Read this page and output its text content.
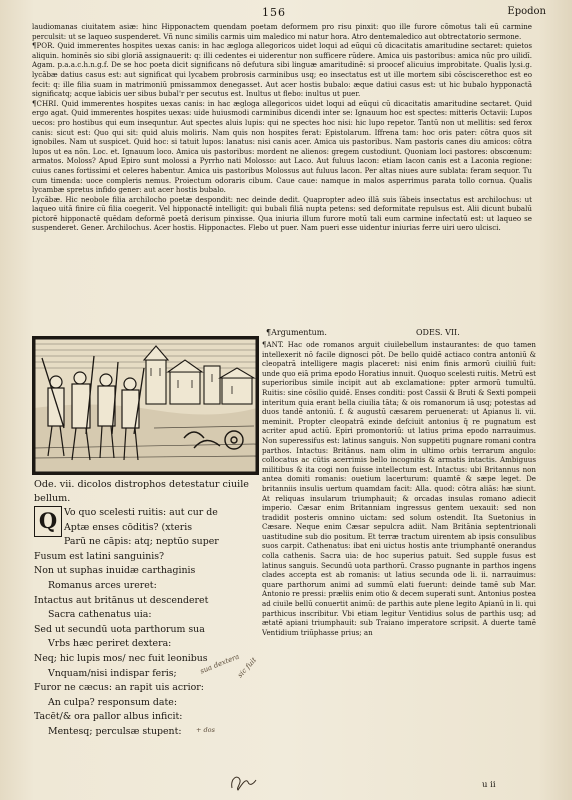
156	Epodon

laudiomanas ciuitatem asiæ: hinc Hipponactem quendam poetam deformem pro risu pinxit: quo ille furore cōmotus tali eū carmine perculsit: ut se laqueo suspenderet. Vñ nunc similis carmis uim maledico mi natur hora. Atro dentemaledico aut obtrectatorio sermone.

¶POR. Quid immerentes hospites uexas canis: in hac ægloga allegoricos uidet loqui ad eūqui cū dicacitatis amaritudine sectaret: quietos aliquin. hominēs sio sibi gloriā assignauerit: q: illi cedentes ei uiderentur non sufficere rūdere. Amica uis pastoribus: amica nūc pro uilidī. Agam. p.a.a.c.h.n.g.f. De se hoc poeta dicit significans nō defutura sibi linguæ amaritudinē: si proocef alicuius improbitate. Qualis ly.si.g. lycābæ datius casus est: aut significat qui lycabem probrosis carminibus usq; eo insectatus est ut ille mortem sibi cōsciscerethoc est eo fecit: q: ille filia suam in matrimoniū pmissammox denegasset. Aut acer hostis bubalo: æque datiui casus est: ut hic bubalo hypponactā significatq; acque ïabicis uer sibus bubal'r per secutus est. Inultus ut flebo: inultus ut puer.

¶CHRI. Quid immerentes hospites uexas canis: in hac ægloga allegoricos uidet loqui ad eūqui cū dicacitatis amaritudine sectaret. Quid ergo agat. Quid immerentes hospites uexas: uide huiusmodi carminibus dicendi inter se: Ignauum hoc est spectes: mitteris Octavii: Lupos uecos: pro hostibus qui eum insequntur. Aut spectes aluis lupis: qui ne spectes hoc nisi: hic lupo repetor. Tantū non ut mellitis: sed ferox canis: sicut est: Quo qui sit: quid aluis moliris. Nam quis non hospites ferat: Epistolarum. Iffrena tam: hoc oris pater: cōtra quos sit ignobiles. Nam ut suspicet. Quid hoc: si tatuit lupos: lanatus: nisi canis acer. Amica uis pastoribus. Nam pastoris canes diu amicos: cōtra lupos ut ea nōn. Loc. et. Ignauum loco. Amica uis pastoribus: mordent ne alienos: gregem custodiunt. Quoniam loci pastores: obscœnum: armatos. Moloss? Apud Epiro sunt molossi a Pyrrho nati Molosso: aut Laco. Aut fuluus lacon: etiam lacon canis est a Laconia regione: cuius canes fortissimi et celeres habentur. Amica uis pastoribus Molossus aut fuluus lacon. Per altas niues aure sublata: feram sequor. Tu cum timenda: uoce compleris nemus. Proiectum odoraris cibum. Caue caue: namque in malos asperrimus parata tollo cornua. Qualis lycambæ spretus infido gener: aut acer hostis bubalo.

Lycābæ. Hic neobole filia archilocho poetæ despondit: nec deinde dedit. Quapropter adeo illā suis ïābeis insectatus est archilochus: ut laqueo uitā finire cū filia coegerit. Vel hipponactē intelligit: qui bubali filiā nupta petens: sed deformitate repulsus est. Alii dicunt bubalū pictorē hipponactē quēdam deformē poetā derisum pinxisse. Qua iniuria illum furore motū tali eum carmine infectatū est: ut laqueo se suspenderet. Gener. Archilochus. Acer hostis. Hipponactes. Flebo ut puer. Nam pueri esse uidentur iniurias ferre uiri uero ulcisci.

Ode. vii. dicolos distrophos detestatur ciuile bellum.
Q Vo quo scelesti ruitis: aut cur de
Aptæ enses cōditis? (xteris
Parū ne cāpis: atq; neptūo super
Fusum est latini sanguinis?
Non ut suphas inuidæ carthaginis
Romanus arces ureret:
Intactus aut britānus ut descenderet
Sacra cathenatus uia:
Sed ut secundū uota parthorum sua
Vrbs hæc periret dextera:
Neq; hic lupis mos/ nec fuit leonibus
Vnquam/nisi indispar feris;
Furor ne cæcus: an rapit uis acrior:
An culpa? responsum date:
Tacēt/& ora pallor albus inficit:
Mentesq; perculsæ stupent:
¶Argumentum.	ODES. VII.

¶ANT. Hac ode romanos arguit ciuilebellum instaurantes: de quo tamen intellexerit nō facile dignosci pōt. De bello quidē actiaco contra antoniū & cleopatrā intelligere magis placeret: nisi enim finis armorū ciuiliū fuit: unde quo eiā prima epodo Horatius innuit. Quoquo scelesti ruitis. Metrū est superioribus simile incipit aut ab exclamatione: ppter armorū tumultū. Ruitis: sine cōsilio quidē. Enses conditi: post Cassii & Bruti & Sexti pompeii interitum quia erant bella ciuilia tāta; & ois romanorum iā usq; potestas ad duos tandē antoniū. f. & augustū cæsarem peruenerat: ut Apianus li. vii. meminit. Propter cleopatrā exinde defciuit antonius q̄ re pugnatum est acriter apud actiū. Epiri promontoriū: ut latius prima epodo narrauimus. Non superessifus est: latinus sanguis. Non suppetiti pugnare romani contra parthos. Intactus: Britānus. nam olim in ultimo orbis terrarum angulo: collocatus ac cūtis acerrimis bello incognitis & armatis intactis. Ambiguus militibus & ita cogi non fuisse intellectum est. Intactus: ubi Britannus non antea domiti romanis: ouetium lacerturum: quamtē & sæpe leget. De britanniis insulis uertum quamdam facit: Alla. quod: cōtra aliās: hæ siunt. At reliquas insularum triumphauit; & orcadas insulas romano adiecit imperio. Cæsar enim Britanniam ingressus gentem uexauit: sed non tradidit posteris omnino uictam: sed solum ostendit. Ita Suetonius in Cæsare. Neque enim Cæsar sepulcra adiit. Nam Britānia septentrionali uastitudine sub dio positum. Et terræ tractum uirentem ab ipsis consulibus suos carpit. Cathenatus: ibat eni uictus hostis ante triumphantē onerandus colla cathenis. Sacra uia: de hoc superius patuit. Sed supple fusus est latinus sanguis. Secundū uota parthorū. Crasso pugnante in parthos ingens clades accepta est ab romanis: ut latius secunda ode li. ii. narrauimus: quare parthorum animi ad summū elati fuerunt: deinde tamē sub Mar. Antonio re pressi: præliis enim otio & decem superati sunt. Antonius postea ad ciuile bellū conuertit animū: de parthis aute plene legito Apianū in li. qui parthicus inscribitur. Vbi etiam legitur Ventidius solus de parthis usq; ad ætatē apiani triumphauit: sub Traiano imperatore scripsit. A duerte tamē Ventidium triūphasse prius; an

sua dextera
sic fuit
+ dos
u ii
